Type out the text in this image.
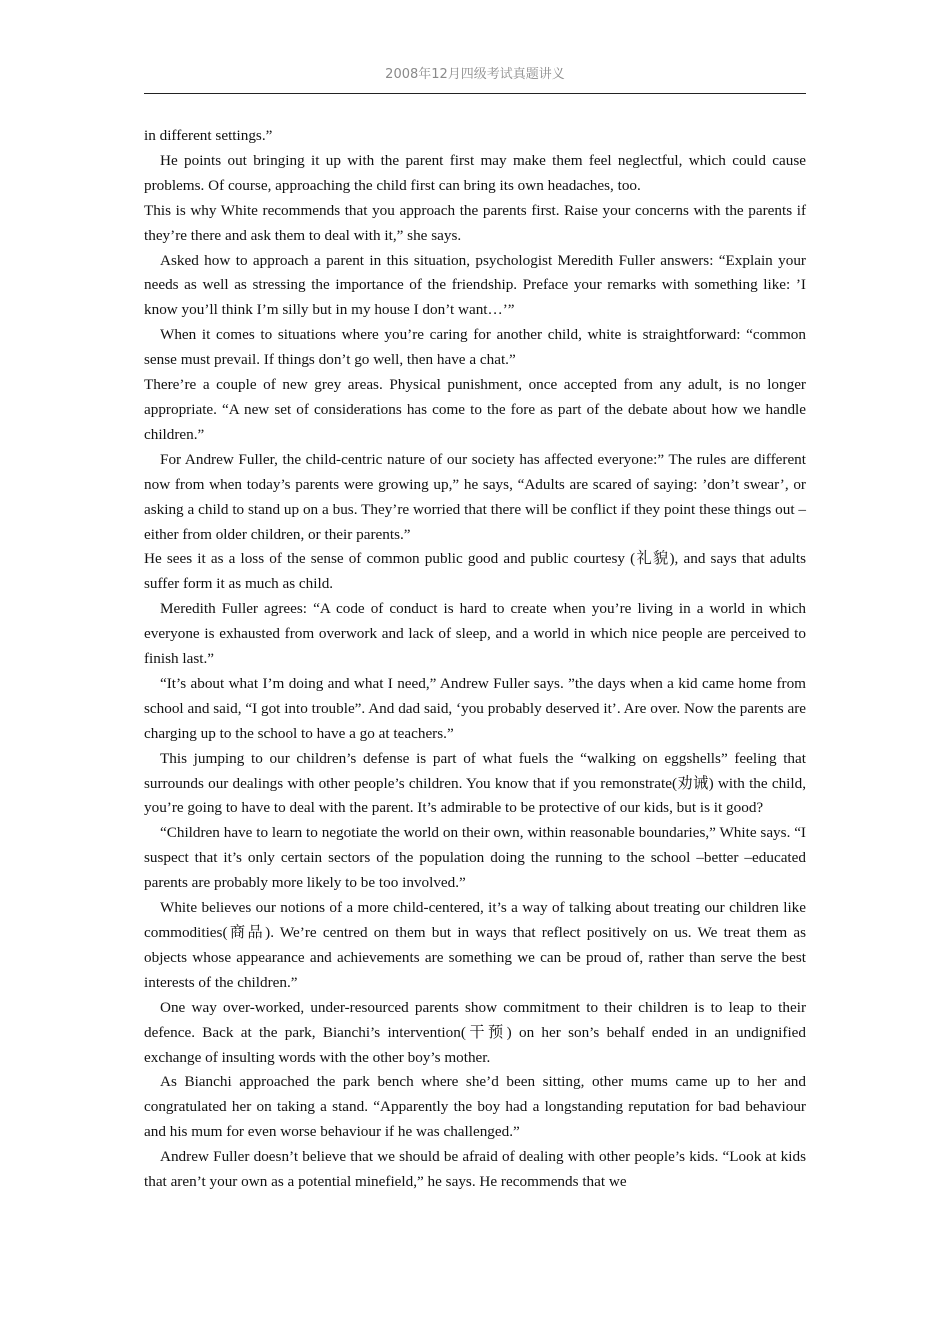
2008年12月四级考试真题讲义

in different settings.”

He points out bringing it up with the parent first may make them feel neglectful, which could cause problems. Of course, approaching the child first can bring its own headaches, too.

This is why White recommends that you approach the parents first. Raise your concerns with the parents if they’re there and ask them to deal with it,” she says.

Asked how to approach a parent in this situation, psychologist Meredith Fuller answers: “Explain your needs as well as stressing the importance of the friendship. Preface your remarks with something like: ’I know you’ll think I’m silly but in my house I don’t want…’”

When it comes to situations where you’re caring for another child, white is straightforward: “common sense must prevail. If things don’t go well, then have a chat.”

There’re a couple of new grey areas. Physical punishment, once accepted from any adult, is no longer appropriate. “A new set of considerations has come to the fore as part of the debate about how we handle children.”

For Andrew Fuller, the child-centric nature of our society has affected everyone:” The rules are different now from when today’s parents were growing up,” he says, “Adults are scared of saying: ’don’t swear’, or asking a child to stand up on a bus. They’re worried that there will be conflict if they point these things out – either from older children, or their parents.”

He sees it as a loss of the sense of common public good and public courtesy (礼貌), and says that adults suffer form it as much as child.

Meredith Fuller agrees: “A code of conduct is hard to create when you’re living in a world in which everyone is exhausted from overwork and lack of sleep, and a world in which nice people are perceived to finish last.”

“It’s about what I’m doing and what I need,” Andrew Fuller says. ”the days when a kid came home from school and said, “I got into trouble”. And dad said, ‘you probably deserved it’. Are over. Now the parents are charging up to the school to have a go at teachers.”

This jumping to our children’s defense is part of what fuels the “walking on eggshells” feeling that surrounds our dealings with other people’s children. You know that if you remonstrate(劝诫) with the child, you’re going to have to deal with the parent. It’s admirable to be protective of our kids, but is it good?

“Children have to learn to negotiate the world on their own, within reasonable boundaries,” White says. “I suspect that it’s only certain sectors of the population doing the running to the school –better –educated parents are probably more likely to be too involved.”

White believes our notions of a more child-centered, it’s a way of talking about treating our children like commodities(商品). We’re centred on them but in ways that reflect positively on us. We treat them as objects whose appearance and achievements are something we can be proud of, rather than serve the best interests of the children.”

One way over-worked, under-resourced parents show commitment to their children is to leap to their defence. Back at the park, Bianchi’s intervention(干预) on her son’s behalf ended in an undignified exchange of insulting words with the other boy’s mother.

As Bianchi approached the park bench where she’d been sitting, other mums came up to her and congratulated her on taking a stand. “Apparently the boy had a longstanding reputation for bad behaviour and his mum for even worse behaviour if he was challenged.”

Andrew Fuller doesn’t believe that we should be afraid of dealing with other people’s kids. “Look at kids that aren’t your own as a potential minefield,” he says. He recommends that we
